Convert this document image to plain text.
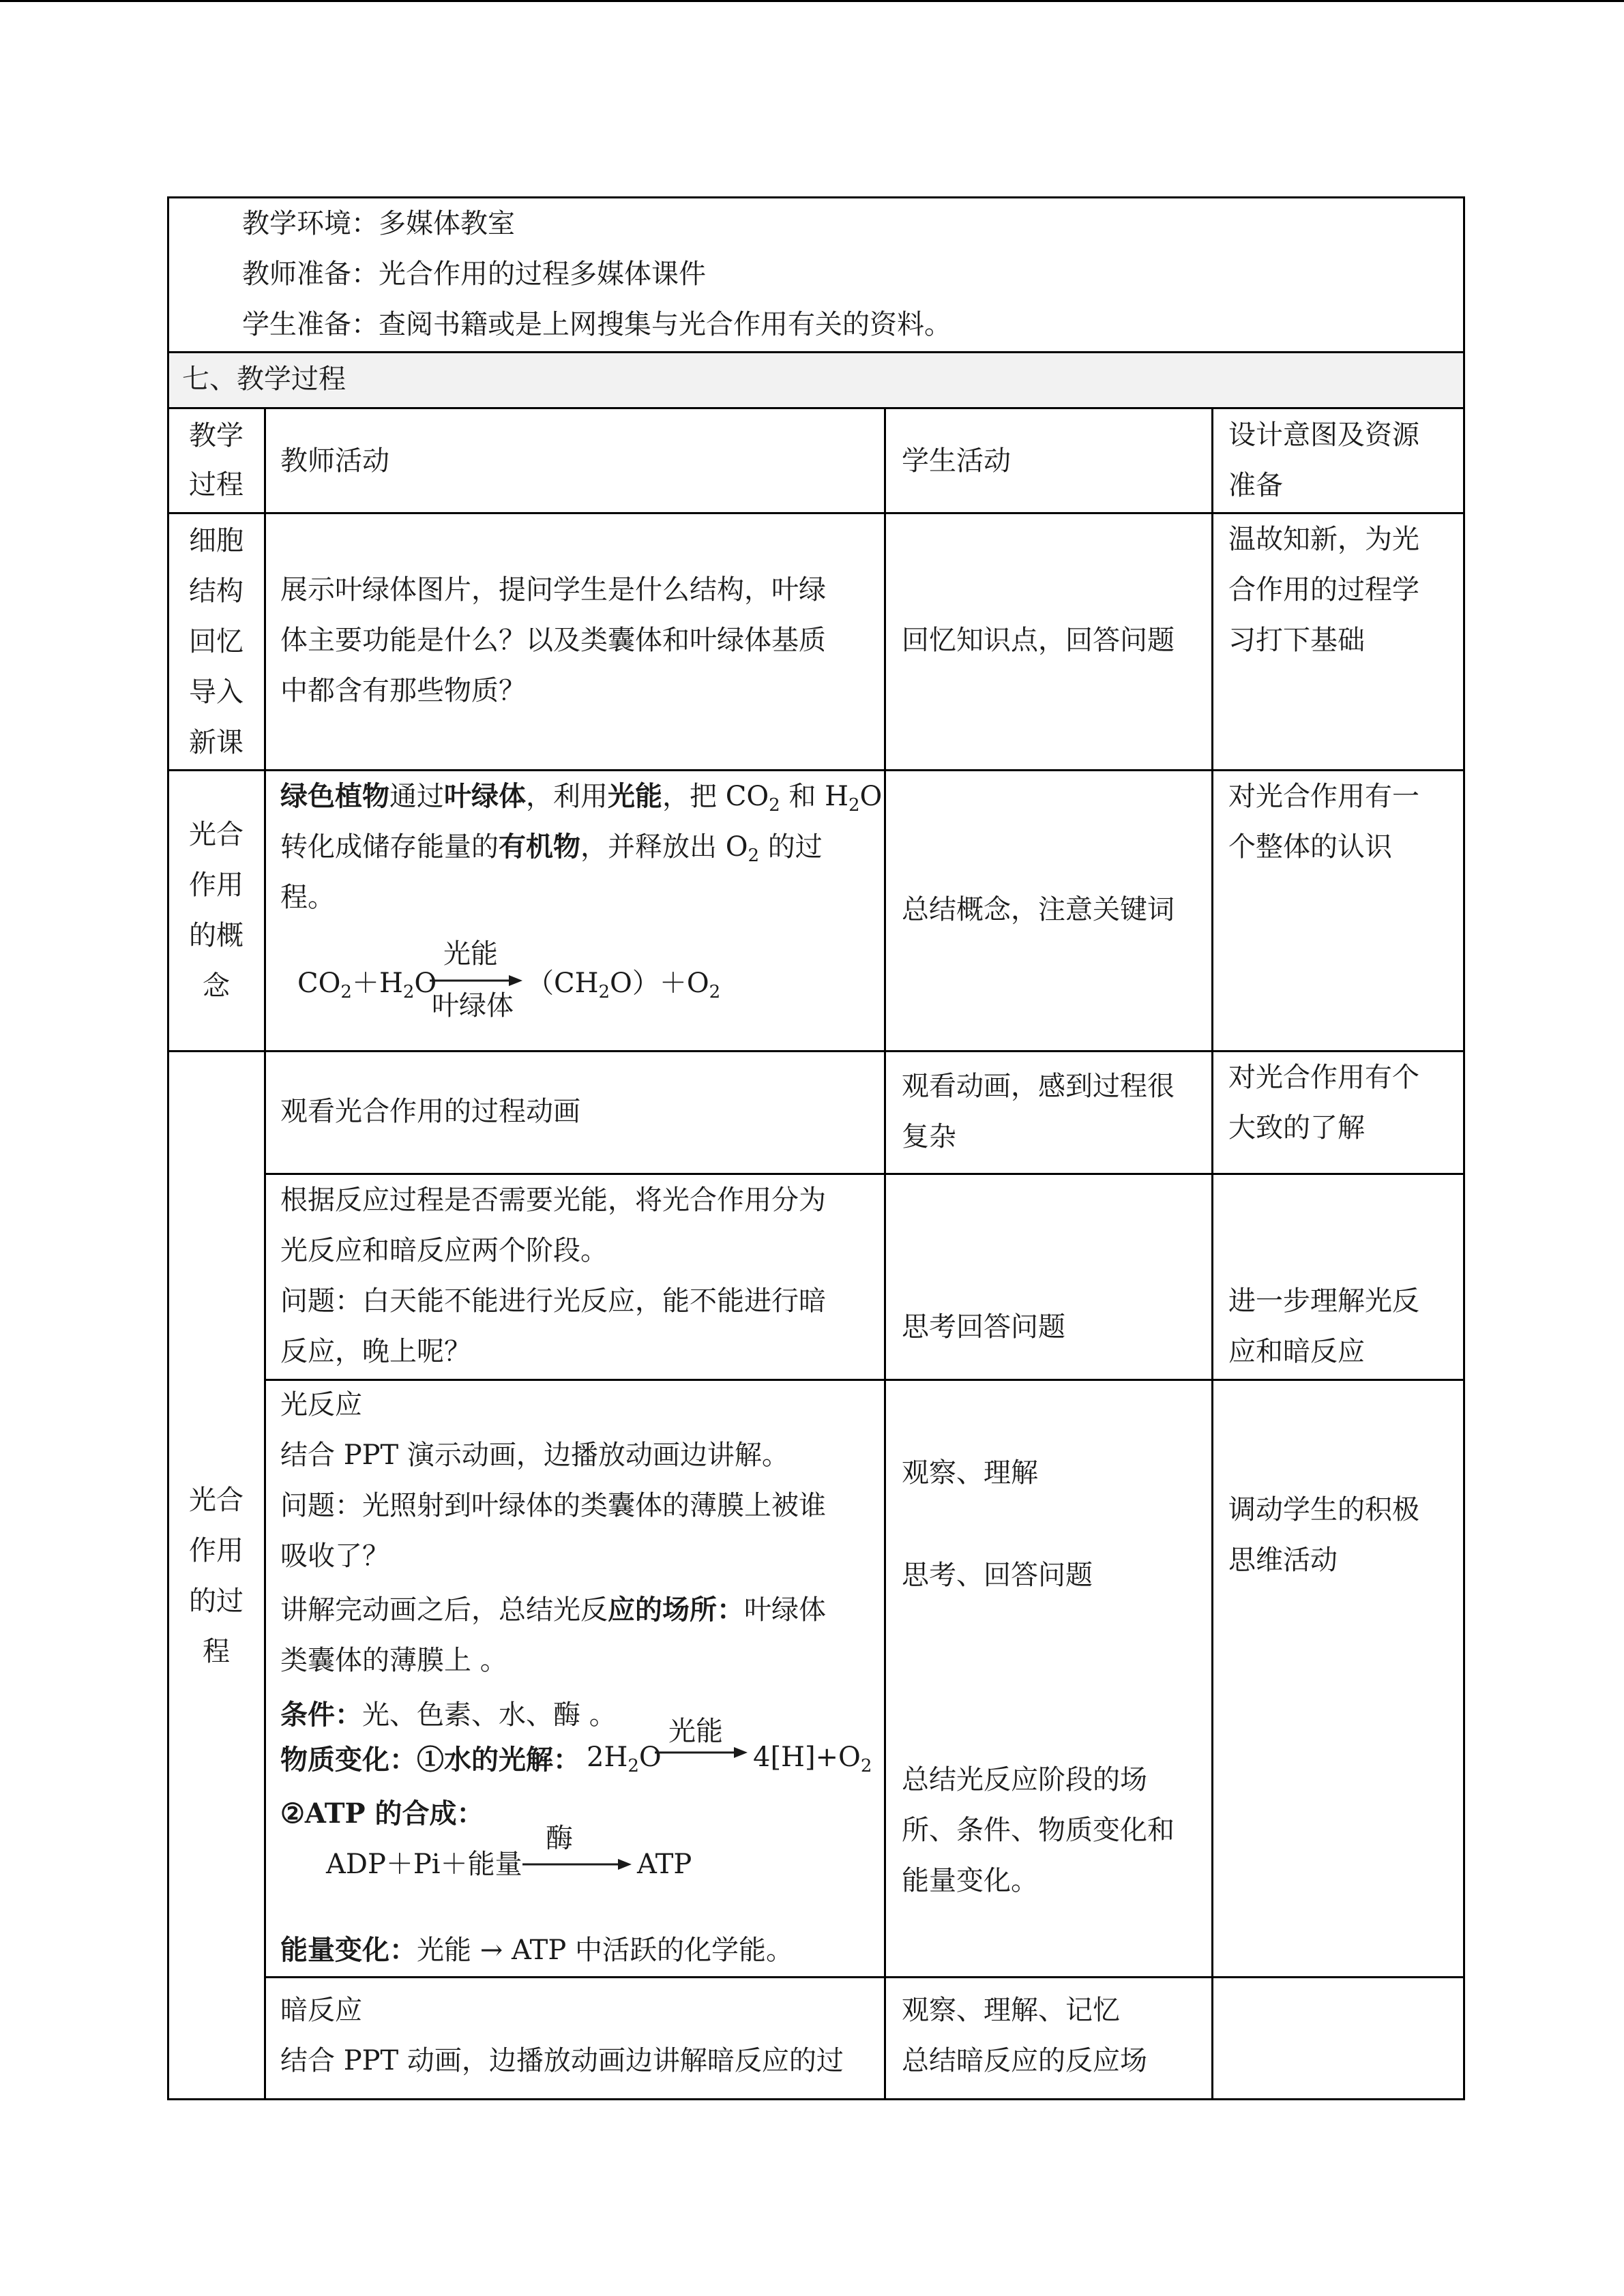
教学环境：多媒体教室
教师准备：光合作用的过程多媒体课件
学生准备：查阅书籍或是上网搜集与光合作用有关的资料。
七、教学过程
教学
过程
教师活动	学生活动
设计意图及资源
准备
细胞
结构
回忆
导入
新课
展示叶绿体图片，提问学生是什么结构，叶绿
体主要功能是什么？以及类囊体和叶绿体基质
中都含有那些物质？
回忆知识点，回答问题
温故知新，为光
合作用的过程学
习打下基础
光合
作用
的概
念
绿色植物通过叶绿体，利用光能，把 $CO_2$ 和 $H_2O$
转化成储存能量的有机物，并释放出 $O_2$ 的过
程。
$CO_2+H_2O$
光能
叶绿体
$(CH_2O)+O_2$
总结概念，注意关键词
对光合作用有一
个整体的认识
光合
作用
的过
程
观看光合作用的过程动画
观看动画，感到过程很
复杂
对光合作用有个
大致的了解
根据反应过程是否需要光能，将光合作用分为
光反应和暗反应两个阶段。
问题：白天能不能进行光反应，能不能进行暗
反应，晚上呢？
思考回答问题
进一步理解光反
应和暗反应
光反应
结合 PPT 演示动画，边播放动画边讲解。
问题：光照射到叶绿体的类囊体的薄膜上被谁
吸收了？
讲解完动画之后，总结光反应的场所：叶绿体
类囊体的薄膜上 。
条件：光、色素、水、酶 。
物质变化：①水的光解： $2H_2O$
光能
$4[H]+O_2$
②ATP 的合成：
ADP＋Pi＋能量
酶
ATP
能量变化：光能 → ATP 中活跃的化学能。
观察、理解
思考、回答问题
总结光反应阶段的场
所、条件、物质变化和
能量变化。
调动学生的积极
思维活动
暗反应
结合 PPT 动画，边播放动画边讲解暗反应的过
观察、理解、记忆
总结暗反应的反应场
